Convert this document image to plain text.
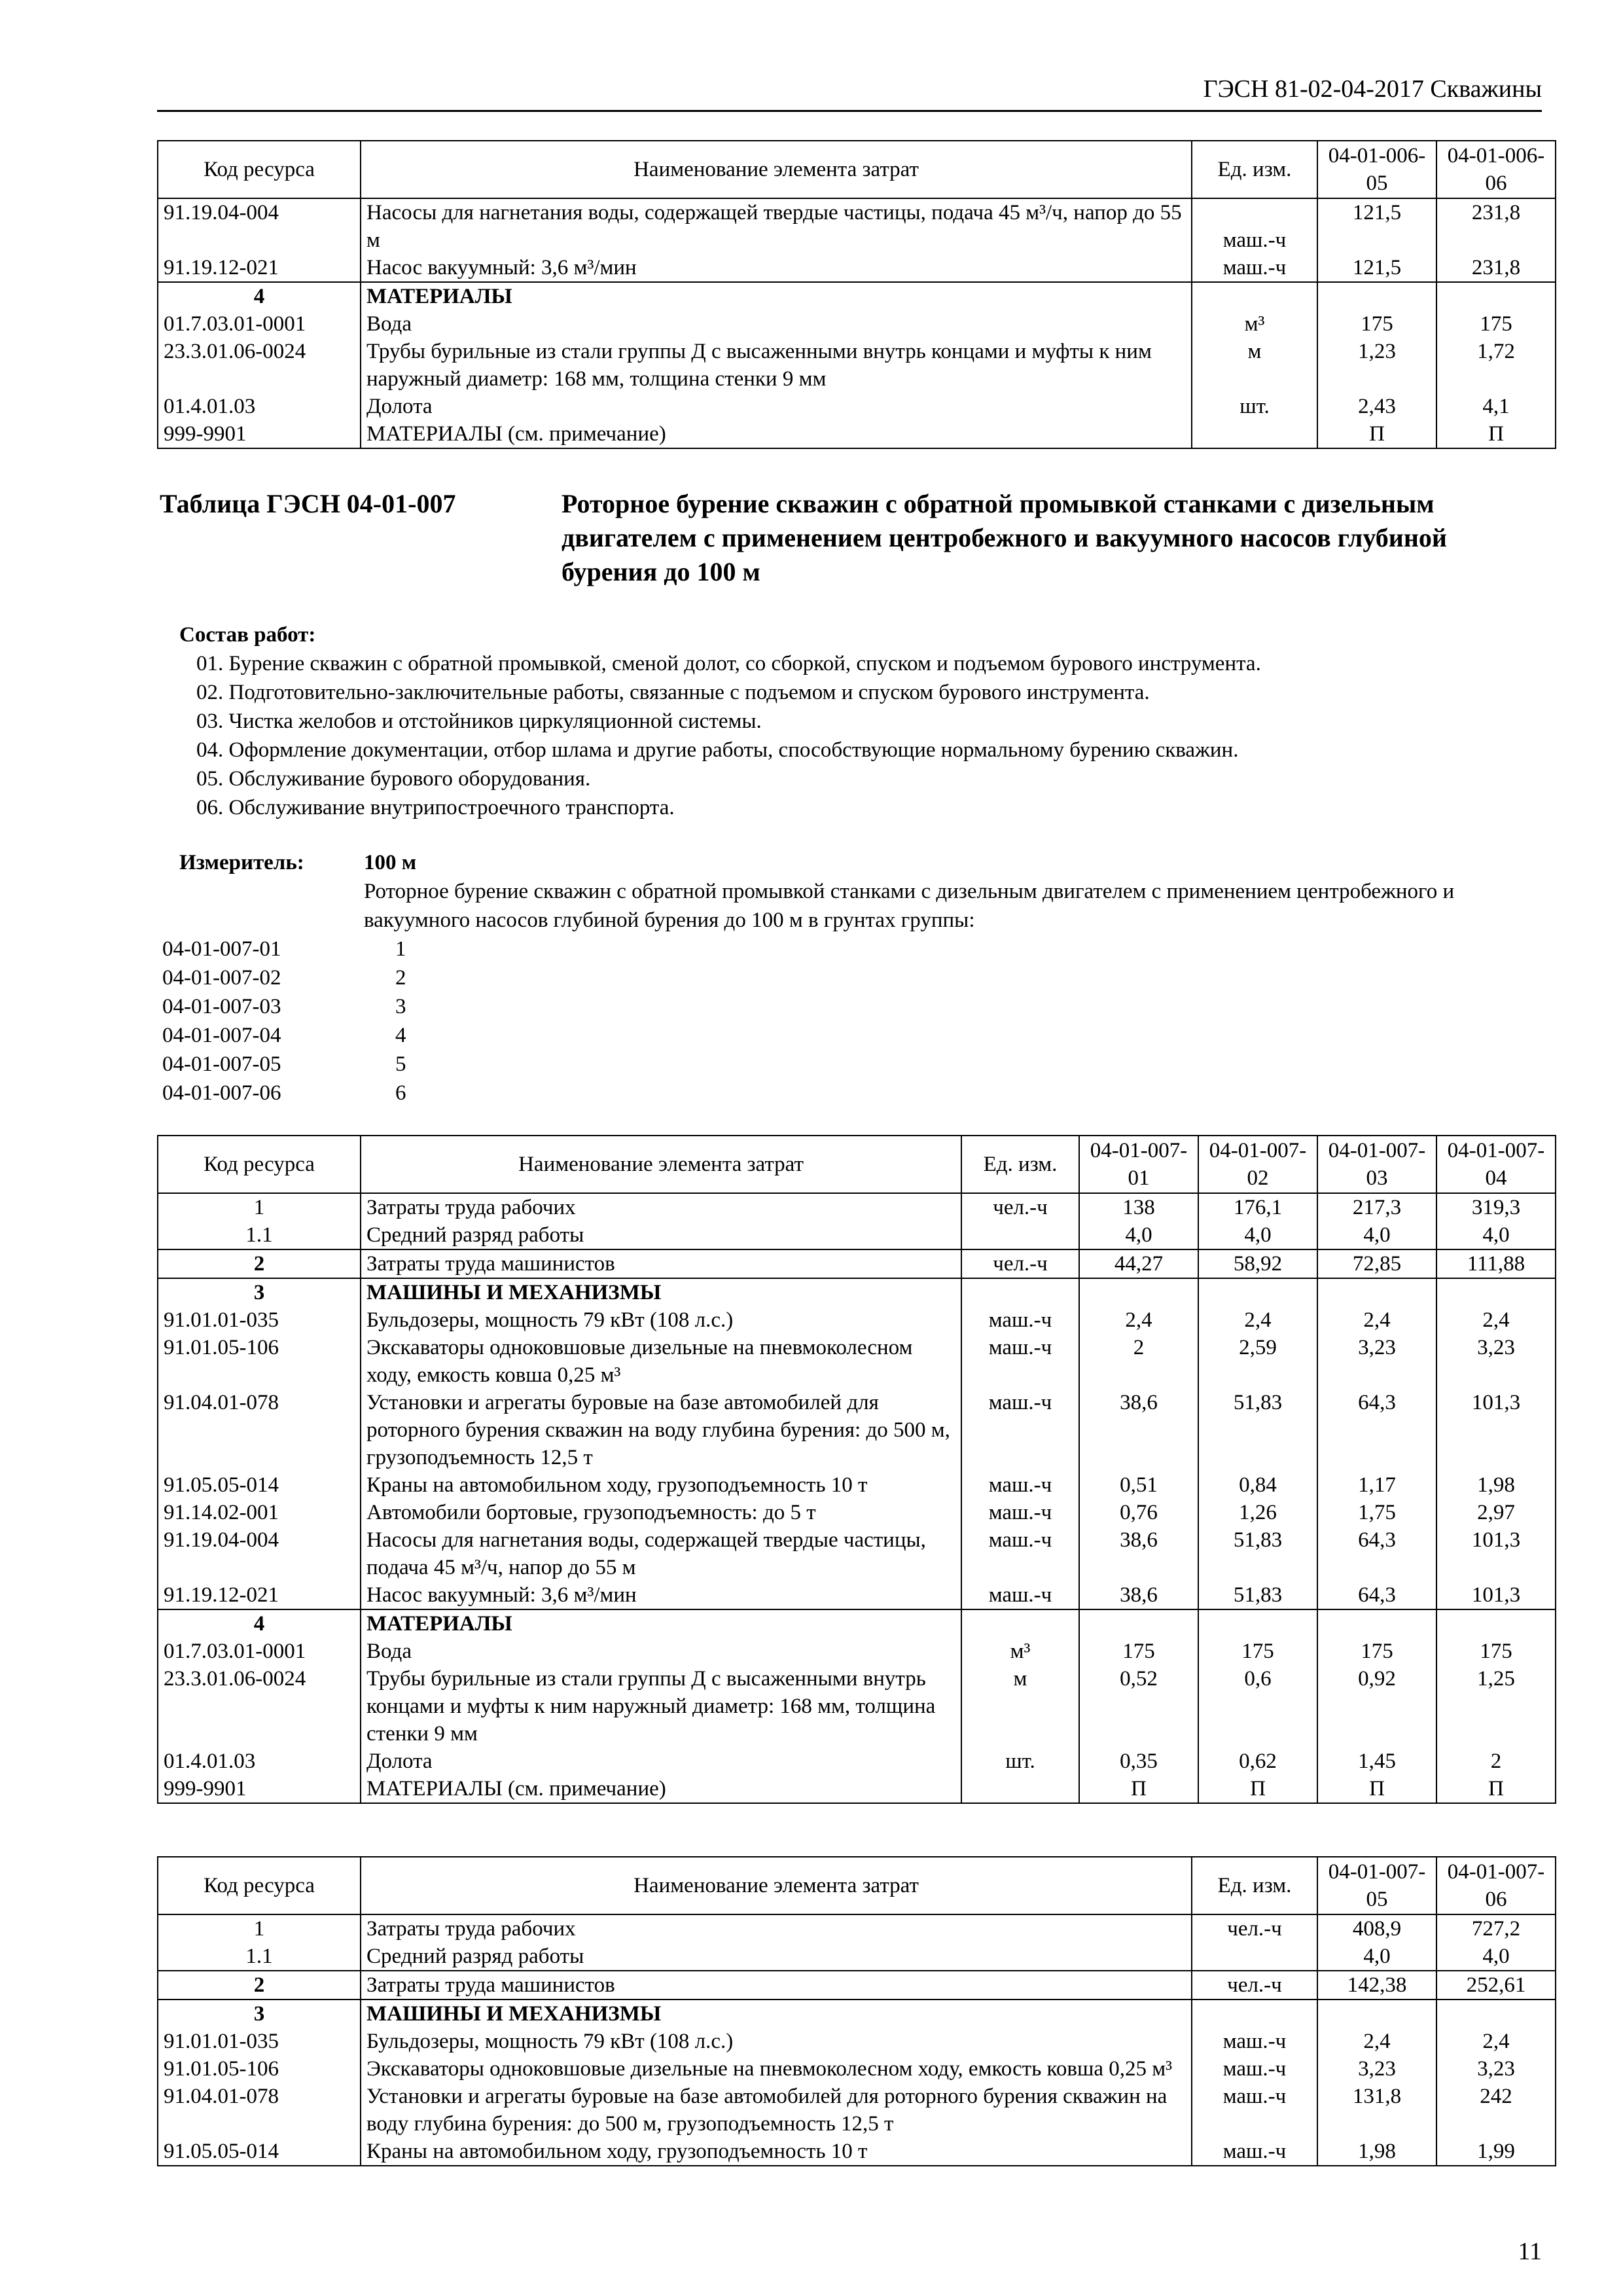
ГЭСН 81-02-04-2017 Скважины
Код ресурса	Наименование элемента затрат	Ед. изм.	04-01-006-05	04-01-006-06
91.19.04-004	Насосы для нагнетания воды, содержащей твердые частицы, подача 45 м³/ч, напор до 55 м	маш.-ч	121,5	231,8
91.19.12-021	Насос вакуумный: 3,6 м³/мин	маш.-ч	121,5	231,8
4	МАТЕРИАЛЫ			
01.7.03.01-0001	Вода	м³	175	175
23.3.01.06-0024	Трубы бурильные из стали группы Д с высаженными внутрь концами и муфты к ним наружный диаметр: 168 мм, толщина стенки 9 мм	м	1,23	1,72
01.4.01.03	Долота	шт.	2,43	4,1
999-9901	МАТЕРИАЛЫ (см. примечание)		П	П
Таблица ГЭСН 04-01-007	Роторное бурение скважин с обратной промывкой станками с дизельным двигателем с применением центробежного и вакуумного насосов глубиной бурения до 100 м
Состав работ:
01. Бурение скважин с обратной промывкой, сменой долот, со сборкой, спуском и подъемом бурового инструмента.
02. Подготовительно-заключительные работы, связанные с подъемом и спуском бурового инструмента.
03. Чистка желобов и отстойников циркуляционной системы.
04. Оформление документации, отбор шлама и другие работы, способствующие нормальному бурению скважин.
05. Обслуживание бурового оборудования.
06. Обслуживание внутрипостроечного транспорта.
Измеритель:	100 м
Роторное бурение скважин с обратной промывкой станками с дизельным двигателем с применением центробежного и вакуумного насосов глубиной бурения до 100 м в грунтах группы:
04-01-007-01	1
04-01-007-02	2
04-01-007-03	3
04-01-007-04	4
04-01-007-05	5
04-01-007-06	6
Код ресурса	Наименование элемента затрат	Ед. изм.	04-01-007-01	04-01-007-02	04-01-007-03	04-01-007-04
1	Затраты труда рабочих	чел.-ч	138	176,1	217,3	319,3
1.1	Средний разряд работы		4,0	4,0	4,0	4,0
2	Затраты труда машинистов	чел.-ч	44,27	58,92	72,85	111,88
3	МАШИНЫ И МЕХАНИЗМЫ					
91.01.01-035	Бульдозеры, мощность 79 кВт (108 л.с.)	маш.-ч	2,4	2,4	2,4	2,4
91.01.05-106	Экскаваторы одноковшовые дизельные на пневмоколесном ходу, емкость ковша 0,25 м³	маш.-ч	2	2,59	3,23	3,23
91.04.01-078	Установки и агрегаты буровые на базе автомобилей для роторного бурения скважин на воду глубина бурения: до 500 м, грузоподъемность 12,5 т	маш.-ч	38,6	51,83	64,3	101,3
91.05.05-014	Краны на автомобильном ходу, грузоподъемность 10 т	маш.-ч	0,51	0,84	1,17	1,98
91.14.02-001	Автомобили бортовые, грузоподъемность: до 5 т	маш.-ч	0,76	1,26	1,75	2,97
91.19.04-004	Насосы для нагнетания воды, содержащей твердые частицы, подача 45 м³/ч, напор до 55 м	маш.-ч	38,6	51,83	64,3	101,3
91.19.12-021	Насос вакуумный: 3,6 м³/мин	маш.-ч	38,6	51,83	64,3	101,3
4	МАТЕРИАЛЫ					
01.7.03.01-0001	Вода	м³	175	175	175	175
23.3.01.06-0024	Трубы бурильные из стали группы Д с высаженными внутрь концами и муфты к ним наружный диаметр: 168 мм, толщина стенки 9 мм	м	0,52	0,6	0,92	1,25
01.4.01.03	Долота	шт.	0,35	0,62	1,45	2
999-9901	МАТЕРИАЛЫ (см. примечание)		П	П	П	П
Код ресурса	Наименование элемента затрат	Ед. изм.	04-01-007-05	04-01-007-06
1	Затраты труда рабочих	чел.-ч	408,9	727,2
1.1	Средний разряд работы		4,0	4,0
2	Затраты труда машинистов	чел.-ч	142,38	252,61
3	МАШИНЫ И МЕХАНИЗМЫ			
91.01.01-035	Бульдозеры, мощность 79 кВт (108 л.с.)	маш.-ч	2,4	2,4
91.01.05-106	Экскаваторы одноковшовые дизельные на пневмоколесном ходу, емкость ковша 0,25 м³	маш.-ч	3,23	3,23
91.04.01-078	Установки и агрегаты буровые на базе автомобилей для роторного бурения скважин на воду глубина бурения: до 500 м, грузоподъемность 12,5 т	маш.-ч	131,8	242
91.05.05-014	Краны на автомобильном ходу, грузоподъемность 10 т	маш.-ч	1,98	1,99
11
